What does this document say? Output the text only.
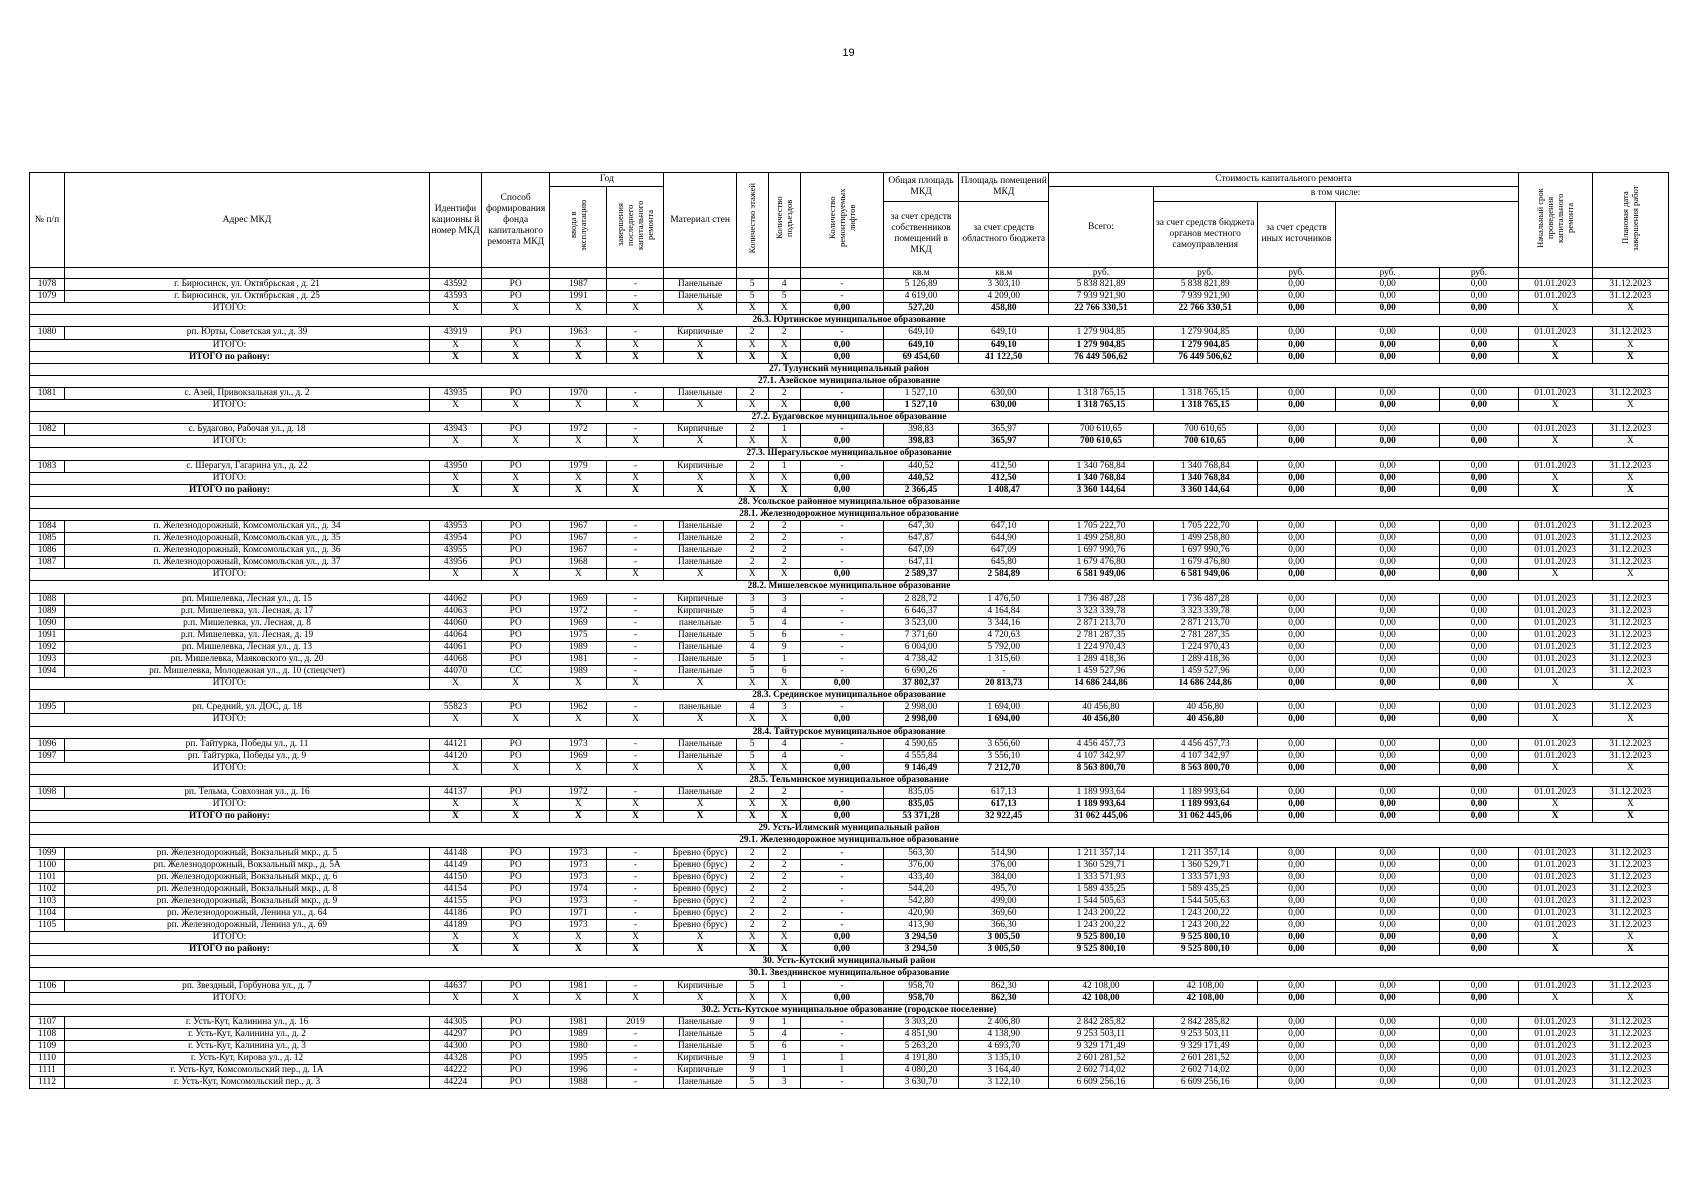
19
№ п/п	Адрес МКД	Идентифи кационны й номер МКД	Способ формирования фонда капитального ремонта МКД	Год		Материал стен	Количество этажей	Количество подъездов	Количество ремонтируемых лифтов	Общая площадь МКД	Площадь помещений МКД	Стоимость капитального ремонта					Начальный срок проведения капитального ремонта	Плановая дата завершения работ
				ввода в эксплуатацию	завершения последнего капитального ремонта							Всего:	в том числе:					
										за счет средств собственников помещений в МКД	за счет средств областного бюджета		за счет средств бюджета органов местного самоуправления	за счет средств иных источников				
										кв.м	кв.м	руб.	руб.	руб.	руб.	руб.		
1078	г. Бирюсинск, ул. Октябрьская , д. 21	43592	РО	1987	-	Панельные	5	4	-	5 126,89	3 303,10	5 838 821,89	5 838 821,89	0,00	0,00	0,00	01.01.2023	31.12.2023
1079	г. Бирюсинск, ул. Октябрьская , д. 25	43593	РО	1991	-	Панельные	5	5	-	4 619,00	4 209,00	7 939 921,90	7 939 921,90	0,00	0,00	0,00	01.01.2023	31.12.2023
ИТОГО:		X	X	X	X	X	X	X	0,00	527,20	458,80	22 766 330,51	22 766 330,51	0,00	0,00	0,00	X	X
26.3. Юртинское муниципальное образование																		
1080	рп. Юрты, Советская ул., д. 39	43919	РО	1963	-	Кирпичные	2	2	-	649,10	649,10	1 279 904,85	1 279 904,85	0,00	0,00	0,00	01.01.2023	31.12.2023
ИТОГО:		X	X	X	X	X	X	X	0,00	649,10	649,10	1 279 904,85	1 279 904,85	0,00	0,00	0,00	X	X
ИТОГО по району:		X	X	X	X	X	X	X	0,00	69 454,60	41 122,50	76 449 506,62	76 449 506,62	0,00	0,00	0,00	X	X
27. Тулунский муниципальный район																		
27.1. Азейское муниципальное образование																		
1081	с. Азей, Привокзальная ул., д. 2	43935	РО	1970	-	Панельные	2	2	-	1 527,10	630,00	1 318 765,15	1 318 765,15	0,00	0,00	0,00	01.01.2023	31.12.2023
ИТОГО:		X	X	X	X	X	X	X	0,00	1 527,10	630,00	1 318 765,15	1 318 765,15	0,00	0,00	0,00	X	X
27.2. Будаговское муниципальное образование																		
1082	с. Будагово, Рабочая ул., д. 18	43943	РО	1972	-	Кирпичные	2	1	-	398,83	365,97	700 610,65	700 610,65	0,00	0,00	0,00	01.01.2023	31.12.2023
ИТОГО:		X	X	X	X	X	X	X	0,00	398,83	365,97	700 610,65	700 610,65	0,00	0,00	0,00	X	X
27.3. Шерагульское муниципальное образование																		
1083	с. Шерагул, Гагарина ул., д. 22	43950	РО	1979	-	Кирпичные	2	1	-	440,52	412,50	1 340 768,84	1 340 768,84	0,00	0,00	0,00	01.01.2023	31.12.2023
ИТОГО:		X	X	X	X	X	X	X	0,00	440,52	412,50	1 340 768,84	1 340 768,84	0,00	0,00	0,00	X	X
ИТОГО по району:		X	X	X	X	X	X	X	0,00	2 366,45	1 408,47	3 360 144,64	3 360 144,64	0,00	0,00	0,00	X	X
28. Усольское районное муниципальное образование																		
28.1. Железнодорожное муниципальное образование																		
1084	п. Железнодорожный, Комсомольская ул., д. 34	43953	РО	1967	-	Панельные	2	2	-	647,30	647,10	1 705 222,70	1 705 222,70	0,00	0,00	0,00	01.01.2023	31.12.2023
1085	п. Железнодорожный, Комсомольская ул., д. 35	43954	РО	1967	-	Панельные	2	2	-	647,87	644,90	1 499 258,80	1 499 258,80	0,00	0,00	0,00	01.01.2023	31.12.2023
1086	п. Железнодорожный, Комсомольская ул., д. 36	43955	РО	1967	-	Панельные	2	2	-	647,09	647,09	1 697 990,76	1 697 990,76	0,00	0,00	0,00	01.01.2023	31.12.2023
1087	п. Железнодорожный, Комсомольская ул., д. 37	43956	РО	1968	-	Панельные	2	2	-	647,11	645,80	1 679 476,80	1 679 476,80	0,00	0,00	0,00	01.01.2023	31.12.2023
ИТОГО:		X	X	X	X	X	X	X	0,00	2 589,37	2 584,89	6 581 949,06	6 581 949,06	0,00	0,00	0,00	X	X
28.2. Мишелевское муниципальное образование																		
1088	рп. Мишелевка, Лесная ул., д. 15	44062	РО	1969	-	Кирпичные	3	3	-	2 828,72	1 476,50	1 736 487,28	1 736 487,28	0,00	0,00	0,00	01.01.2023	31.12.2023
1089	р.п. Мишелевка, ул. Лесная, д. 17	44063	РО	1972	-	Кирпичные	5	4	-	6 646,37	4 164,84	3 323 339,78	3 323 339,78	0,00	0,00	0,00	01.01.2023	31.12.2023
1090	р.п. Мишелевка, ул. Лесная, д. 8	44060	РО	1969	-	панельные	5	4	-	3 523,00	3 344,16	2 871 213,70	2 871 213,70	0,00	0,00	0,00	01.01.2023	31.12.2023
1091	р.п. Мишелевка, ул. Лесная, д. 19	44064	РО	1975	-	Панельные	5	6	-	7 371,60	4 720,63	2 781 287,35	2 781 287,35	0,00	0,00	0,00	01.01.2023	31.12.2023
1092	рп. Мишелевка, Лесная ул., д. 13	44061	РО	1989	-	Панельные	4	9	-	6 004,00	5 792,00	1 224 970,43	1 224 970,43	0,00	0,00	0,00	01.01.2023	31.12.2023
1093	рп. Мишелевка, Маяковского ул., д. 20	44068	РО	1981	-	Панельные	5	1	-	4 738,42	1 315,60	1 289 418,36	1 289 418,36	0,00	0,00	0,00	01.01.2023	31.12.2023
1094	рп. Мишелевка, Молодежная ул., д. 10 (спецсчет)	44070	СС	1989	-	Панельные	5	6	-	6 690,26	-	1 459 527,96	1 459 527,96	0,00	0,00	0,00	01.01.2023	31.12.2023
ИТОГО:		X	X	X	X	X	X	X	0,00	37 802,37	20 813,73	14 686 244,86	14 686 244,86	0,00	0,00	0,00	X	X
28.3. Срединское муниципальное образование																		
1095	рп. Средний, ул. ДОС, д. 18	55823	РО	1962	-	панельные	4	3	-	2 998,00	1 694,00	40 456,80	40 456,80	0,00	0,00	0,00	01.01.2023	31.12.2023
ИТОГО:		X	X	X	X	X	X	X	0,00	2 998,00	1 694,00	40 456,80	40 456,80	0,00	0,00	0,00	X	X
28.4. Тайтурское муниципальное образование																		
1096	рп. Тайтурка, Победы ул., д. 11	44121	РО	1973	-	Панельные	5	4	-	4 590,65	3 656,60	4 456 457,73	4 456 457,73	0,00	0,00	0,00	01.01.2023	31.12.2023
1097	рп. Тайтурка, Победы ул., д. 9	44120	РО	1969	-	Панельные	5	4	-	4 555,84	3 556,10	4 107 342,97	4 107 342,97	0,00	0,00	0,00	01.01.2023	31.12.2023
ИТОГО:		X	X	X	X	X	X	X	0,00	9 146,49	7 212,70	8 563 800,70	8 563 800,70	0,00	0,00	0,00	X	X
28.5. Тельминское муниципальное образование																		
1098	рп. Тельма, Совхозная ул., д. 16	44137	РО	1972	-	Панельные	2	2	-	835,05	617,13	1 189 993,64	1 189 993,64	0,00	0,00	0,00	01.01.2023	31.12.2023
ИТОГО:		X	X	X	X	X	X	X	0,00	835,05	617,13	1 189 993,64	1 189 993,64	0,00	0,00	0,00	X	X
ИТОГО по району:		X	X	X	X	X	X	X	0,00	53 371,28	32 922,45	31 062 445,06	31 062 445,06	0,00	0,00	0,00	X	X
29. Усть-Илимский муниципальный район																		
29.1. Железнодорожное муниципальное образование																		
1099	рп. Железнодорожный, Вокзальный мкр., д. 5	44148	РО	1973	-	Бревно (брус)	2	2	-	563,30	514,90	1 211 357,14	1 211 357,14	0,00	0,00	0,00	01.01.2023	31.12.2023
1100	рп. Железнодорожный, Вокзальный мкр., д. 5А	44149	РО	1973	-	Бревно (брус)	2	2	-	376,00	376,00	1 360 529,71	1 360 529,71	0,00	0,00	0,00	01.01.2023	31.12.2023
1101	рп. Железнодорожный, Вокзальный мкр., д. 6	44150	РО	1973	-	Бревно (брус)	2	2	-	433,40	384,00	1 333 571,93	1 333 571,93	0,00	0,00	0,00	01.01.2023	31.12.2023
1102	рп. Железнодорожный, Вокзальный мкр., д. 8	44154	РО	1974	-	Бревно (брус)	2	2	-	544,20	495,70	1 589 435,25	1 589 435,25	0,00	0,00	0,00	01.01.2023	31.12.2023
1103	рп. Железнодорожный, Вокзальный мкр., д. 9	44155	РО	1973	-	Бревно (брус)	2	2	-	542,80	499,00	1 544 505,63	1 544 505,63	0,00	0,00	0,00	01.01.2023	31.12.2023
1104	рп. Железнодорожный, Ленина ул., д. 64	44186	РО	1971	-	Бревно (брус)	2	2	-	420,90	369,60	1 243 200,22	1 243 200,22	0,00	0,00	0,00	01.01.2023	31.12.2023
1105	рп. Железнодорожный, Ленина ул., д. 69	44189	РО	1973	-	Бревно (брус)	2	2	-	413,90	366,30	1 243 200,22	1 243 200,22	0,00	0,00	0,00	01.01.2023	31.12.2023
ИТОГО:		X	X	X	X	X	X	X	0,00	3 294,50	3 005,50	9 525 800,10	9 525 800,10	0,00	0,00	0,00	X	X
ИТОГО по району:		X	X	X	X	X	X	X	0,00	3 294,50	3 005,50	9 525 800,10	9 525 800,10	0,00	0,00	0,00	X	X
30. Усть-Кутский муниципальный район																		
30.1. Звезднинское муниципальное образование																		
1106	рп. Звездный, Горбунова ул., д. 7	44637	РО	1981	-	Кирпичные	5	1	-	958,70	862,30	42 108,00	42 108,00	0,00	0,00	0,00	01.01.2023	31.12.2023
ИТОГО:		X	X	X	X	X	X	X	0,00	958,70	862,30	42 108,00	42 108,00	0,00	0,00	0,00	X	X
30.2. Усть-Кутское муниципальное образование (городское поселение)																		
1107	г. Усть-Кут, Калинина ул., д. 16	44305	РО	1981	2019	Панельные	9	1	-	3 303,20	2 406,80	2 842 285,82	2 842 285,82	0,00	0,00	0,00	01.01.2023	31.12.2023
1108	г. Усть-Кут, Калинина ул., д. 2	44297	РО	1989	-	Панельные	5	4	-	4 851,90	4 138,90	9 253 503,11	9 253 503,11	0,00	0,00	0,00	01.01.2023	31.12.2023
1109	г. Усть-Кут, Калинина ул., д. 3	44300	РО	1980	-	Панельные	5	6	-	5 263,20	4 693,70	9 329 171,49	9 329 171,49	0,00	0,00	0,00	01.01.2023	31.12.2023
1110	г. Усть-Кут, Кирова ул., д. 12	44328	РО	1995	-	Кирпичные	9	1	1	4 191,80	3 135,10	2 601 281,52	2 601 281,52	0,00	0,00	0,00	01.01.2023	31.12.2023
1111	г. Усть-Кут, Комсомольский пер., д. 1А	44222	РО	1996	-	Кирпичные	9	1	1	4 080,20	3 164,40	2 602 714,02	2 602 714,02	0,00	0,00	0,00	01.01.2023	31.12.2023
1112	г. Усть-Кут, Комсомольский пер., д. 3	44224	РО	1988	-	Панельные	5	3	-	3 630,70	3 122,10	6 609 256,16	6 609 256,16	0,00	0,00	0,00	01.01.2023	31.12.2023
